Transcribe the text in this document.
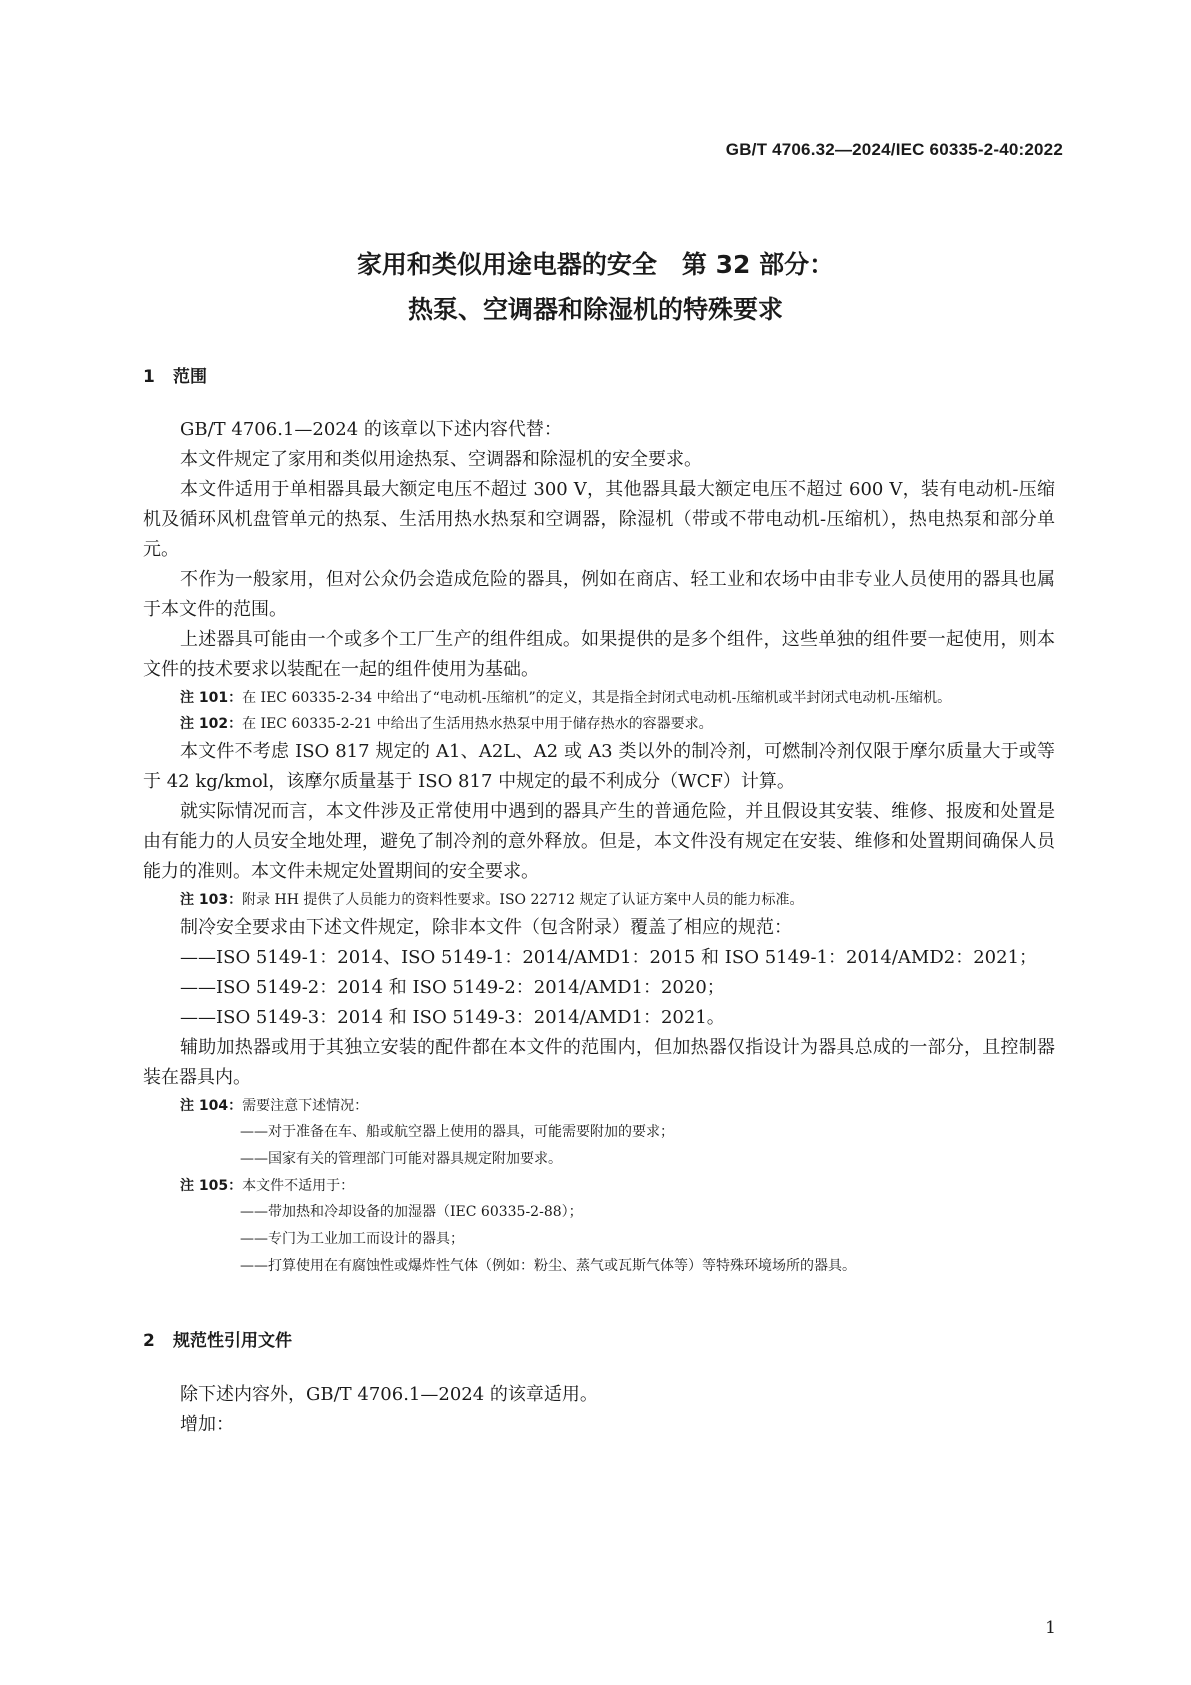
GB/T 4706.32—2024/IEC 60335-2-40:2022
家用和类似用途电器的安全　第 32 部分：
热泵、空调器和除湿机的特殊要求
1 范围

GB/T 4706.1—2024 的该章以下述内容代替：

本文件规定了家用和类似用途热泵、空调器和除湿机的安全要求。

本文件适用于单相器具最大额定电压不超过 300 V，其他器具最大额定电压不超过 600 V，装有电动机-压缩机及循环风机盘管单元的热泵、生活用热水热泵和空调器，除湿机（带或不带电动机-压缩机），热电热泵和部分单元。

不作为一般家用，但对公众仍会造成危险的器具，例如在商店、轻工业和农场中由非专业人员使用的器具也属于本文件的范围。

上述器具可能由一个或多个工厂生产的组件组成。如果提供的是多个组件，这些单独的组件要一起使用，则本文件的技术要求以装配在一起的组件使用为基础。

注 101：在 IEC 60335-2-34 中给出了“电动机-压缩机”的定义，其是指全封闭式电动机-压缩机或半封闭式电动机-压缩机。

注 102：在 IEC 60335-2-21 中给出了生活用热水热泵中用于储存热水的容器要求。

本文件不考虑 ISO 817 规定的 A1、A2L、A2 或 A3 类以外的制冷剂，可燃制冷剂仅限于摩尔质量大于或等于 42 kg/kmol，该摩尔质量基于 ISO 817 中规定的最不利成分（WCF）计算。

就实际情况而言，本文件涉及正常使用中遇到的器具产生的普通危险，并且假设其安装、维修、报废和处置是由有能力的人员安全地处理，避免了制冷剂的意外释放。但是，本文件没有规定在安装、维修和处置期间确保人员能力的准则。本文件未规定处置期间的安全要求。

注 103：附录 HH 提供了人员能力的资料性要求。ISO 22712 规定了认证方案中人员的能力标准。

制冷安全要求由下述文件规定，除非本文件（包含附录）覆盖了相应的规范：

——ISO 5149-1：2014、ISO 5149-1：2014/AMD1：2015 和 ISO 5149-1：2014/AMD2：2021；

——ISO 5149-2：2014 和 ISO 5149-2：2014/AMD1：2020；

——ISO 5149-3：2014 和 ISO 5149-3：2014/AMD1：2021。

辅助加热器或用于其独立安装的配件都在本文件的范围内，但加热器仅指设计为器具总成的一部分，且控制器装在器具内。

注 104：需要注意下述情况：

——对于准备在车、船或航空器上使用的器具，可能需要附加的要求；

——国家有关的管理部门可能对器具规定附加要求。

注 105：本文件不适用于：

——带加热和冷却设备的加湿器（IEC 60335-2-88）；

——专门为工业加工而设计的器具；

——打算使用在有腐蚀性或爆炸性气体（例如：粉尘、蒸气或瓦斯气体等）等特殊环境场所的器具。

2 规范性引用文件

除下述内容外，GB/T 4706.1—2024 的该章适用。

增加：

1
